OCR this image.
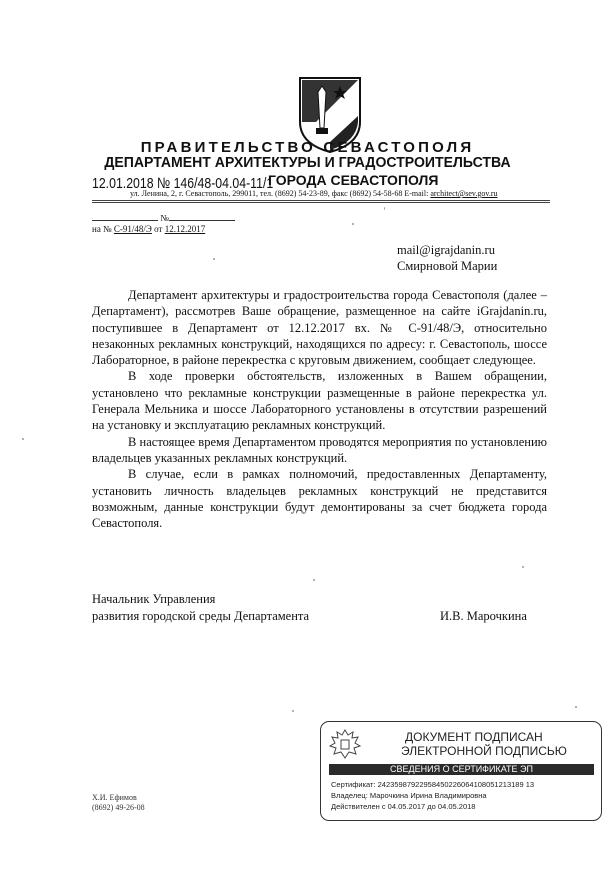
ПРАВИТЕЛЬСТВО СЕВАСТОПОЛЯ
ДЕПАРТАМЕНТ АРХИТЕКТУРЫ И ГРАДОСТРОИТЕЛЬСТВА
ГОРОДА СЕВАСТОПОЛЯ
12.01.2018 № 146/48-04.04-11/1
ул. Ленина, 2, г. Севастополь, 299011, тел. (8692) 54-23-89, факс (8692) 54-58-68 E-mail: architect@sev.gov.ru
№
на № С-91/48/Э от 12.12.2017
mail@igrajdanin.ru
Смирновой Марии

Департамент архитектуры и градостроительства города Севастополя (далее – Департамент), рассмотрев Ваше обращение, размещенное на сайте iGrajdanin.ru, поступившее в Департамент от 12.12.2017 вх. № С-91/48/Э, относительно незаконных рекламных конструкций, находящихся по адресу: г. Севастополь, шоссе Лабораторное, в районе перекрестка с круговым движением, сообщает следующее.

В ходе проверки обстоятельств, изложенных в Вашем обращении, установлено что рекламные конструкции размещенные в районе перекрестка ул. Генерала Мельника и шоссе Лабораторного установлены в отсутствии разрешений на установку и эксплуатацию рекламных конструкций.

В настоящее время Департаментом проводятся мероприятия по установлению владельцев указанных рекламных конструкций.

В случае, если в рамках полномочий, предоставленных Департаменту, установить личность владельцев рекламных конструкций не представится возможным, данные конструкции будут демонтированы за счет бюджета города Севастополя.

Начальник Управления
развития городской среды Департамента	И.В. Марочкина
Х.И. Ефимов
(8692) 49-26-08
ДОКУМЕНТ ПОДПИСАН
ЭЛЕКТРОННОЙ ПОДПИСЬЮ
СВЕДЕНИЯ О СЕРТИФИКАТЕ ЭП
Сертификат: 24235987922958450226064108051213189 13
Владелец: Марочкина Ирина Владимировна
Действителен с 04.05.2017 до 04.05.2018
